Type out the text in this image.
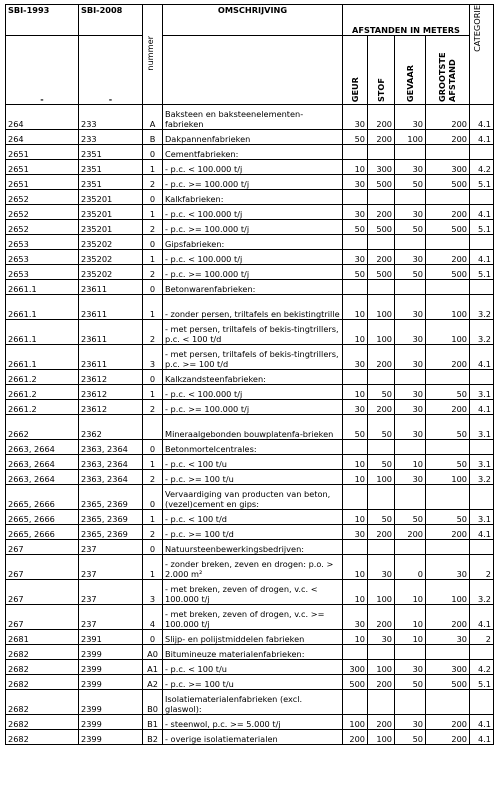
SBI-1993	SBI-2008	nummer	OMSCHRIJVING	AFSTANDEN IN METERS				CATEGORIE
-	-			GEUR	STOF	GEVAAR	GROOTSTE AFSTAND	
264	233	A	Baksteen en baksteenelementen-fabrieken	30	200	30	200	4.1
264	233	B	Dakpannenfabrieken	50	200	100	200	4.1
2651	2351	0	Cementfabrieken:					
2651	2351	1	- p.c. < 100.000 t/j	10	300	30	300	4.2
2651	2351	2	- p.c. >= 100.000 t/j	30	500	50	500	5.1
2652	235201	0	Kalkfabrieken:					
2652	235201	1	- p.c. < 100.000 t/j	30	200	30	200	4.1
2652	235201	2	- p.c. >= 100.000 t/j	50	500	50	500	5.1
2653	235202	0	Gipsfabrieken:					
2653	235202	1	- p.c. < 100.000 t/j	30	200	30	200	4.1
2653	235202	2	- p.c. >= 100.000 t/j	50	500	50	500	5.1
2661.1	23611	0	Betonwarenfabrieken:					
2661.1	23611	1	- zonder persen, triltafels en bekistingtrille	10	100	30	100	3.2
2661.1	23611	2	- met persen, triltafels of bekis-tingtrillers, p.c. < 100 t/d	10	100	30	100	3.2
2661.1	23611	3	- met persen, triltafels of bekis-tingtrillers, p.c. >= 100 t/d	30	200	30	200	4.1
2661.2	23612	0	Kalkzandsteenfabrieken:					
2661.2	23612	1	- p.c. < 100.000 t/j	10	50	30	50	3.1
2661.2	23612	2	- p.c. >= 100.000 t/j	30	200	30	200	4.1
2662	2362		Mineraalgebonden bouwplatenfa-brieken	50	50	30	50	3.1
2663, 2664	2363, 2364	0	Betonmortelcentrales:					
2663, 2664	2363, 2364	1	- p.c. < 100 t/u	10	50	10	50	3.1
2663, 2664	2363, 2364	2	- p.c. >= 100 t/u	10	100	30	100	3.2
2665, 2666	2365, 2369	0	Vervaardiging van producten van beton, (vezel)cement en gips:					
2665, 2666	2365, 2369	1	- p.c. < 100 t/d	10	50	50	50	3.1
2665, 2666	2365, 2369	2	- p.c. >= 100 t/d	30	200	200	200	4.1
267	237	0	Natuursteenbewerkingsbedrijven:					
267	237	1	- zonder breken, zeven en drogen: p.o. > 2.000 m²	10	30	0	30	2
267	237	3	- met breken, zeven of drogen, v.c. < 100.000 t/j	10	100	10	100	3.2
267	237	4	- met breken, zeven of drogen, v.c. >= 100.000 t/j	30	200	10	200	4.1
2681	2391	0	Slijp- en polijstmiddelen fabrieken	10	30	10	30	2
2682	2399	A0	Bitumineuze materialenfabrieken:					
2682	2399	A1	- p.c. < 100 t/u	300	100	30	300	4.2
2682	2399	A2	- p.c. >= 100 t/u	500	200	50	500	5.1
2682	2399	B0	Isolatiematerialenfabrieken (excl. glaswol):					
2682	2399	B1	- steenwol, p.c. >= 5.000 t/j	100	200	30	200	4.1
2682	2399	B2	- overige isolatiematerialen	200	100	50	200	4.1
